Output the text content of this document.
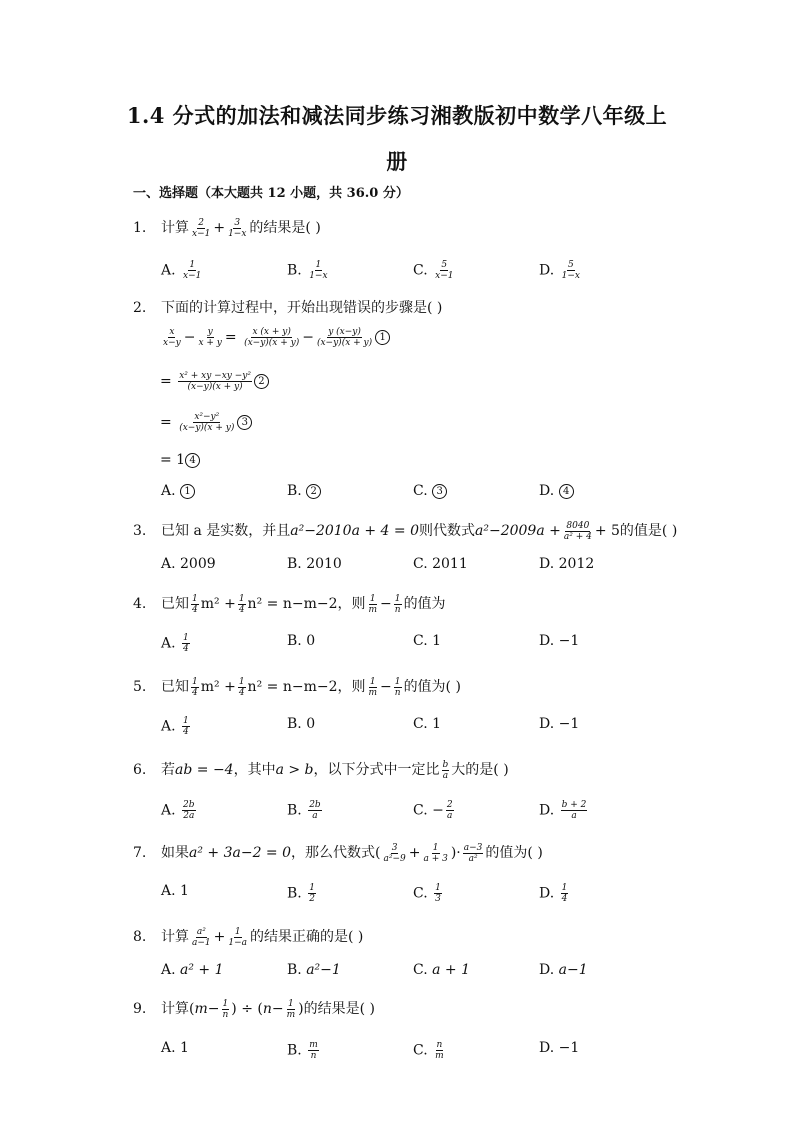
1.4 分式的加法和减法同步练习湘教版初中数学八年级上
册
一、选择题（本大题共 12 小题，共 36.0 分）
1. 计算 $\frac{2}{x-1} + \frac{3}{1-x}$ 的结果是( )
A. $\frac{1}{x-1}$	B. $\frac{1}{1-x}$	C. $\frac{5}{x-1}$	D. $\frac{5}{1-x}$
2. 下面的计算过程中，开始出现错误的步骤是( )
$\frac{x}{x-y} - \frac{y}{x + y} = \frac{x (x + y)}{(x-y)(x + y)} - \frac{y (x-y)}{(x-y)(x + y)} 1$
= $\frac{\text{x² + xy −xy −y²}}{(x-y)(x + y)} 2$
= $\frac{\text{x²−y²}}{(x-y)(x + y)} 3$
= 1 4
A. 1	B. 2	C. 3	D. 4
3. 已知 a 是实数，并且a²−2010a + 4 = 0则代数式$a^2-2009a + \frac{8040}{\text{a² + 4}} + 5$的值是( )
A. 2009	B. 2010	C. 2011	D. 2012
4. 已知 $\frac{1}{4} m^2 + \frac{1}{4} n^2 = n-m-2$，则 $\frac{1}{m} - \frac{1}{n}$ 的值为
A. $\frac{1}{4}$	B. 0	C. 1	D. −1
5. 已知 $\frac{1}{4} m^2 + \frac{1}{4} n^2 = n-m-2$，则 $\frac{1}{m} - \frac{1}{n}$ 的值为( )
A. $\frac{1}{4}$	B. 0	C. 1	D. −1
6. 若ab = −4，其中a > b，以下分式中一定比 $\frac{b}{a}$ 大的是( )
A. $\frac{2b}{2a}$	B. $\frac{2b}{a}$	C. − $\frac{2}{a}$	D. $\frac{b + 2}{a}$
7. 如果a² + 3a−2 = 0，那么代数式( $\frac{3}{\text{a²−9}} + \frac{1}{a + 3}$ )· $\frac{a-3}{\text{a²}}$ 的值为( )
A. 1	B. $\frac{1}{2}$	C. $\frac{1}{3}$	D. $\frac{1}{4}$
8. 计算 $\frac{\text{a²}}{a-1} + \frac{1}{1-a}$ 的结果正确的是( )
A. a² + 1	B. a²−1	C. a + 1	D. a−1
9. 计算($m- \frac{1}{n}$ ) ÷ ($n- \frac{1}{m}$ )的结果是( )
A. 1	B. $\frac{m}{n}$	C. $\frac{n}{m}$	D. −1
